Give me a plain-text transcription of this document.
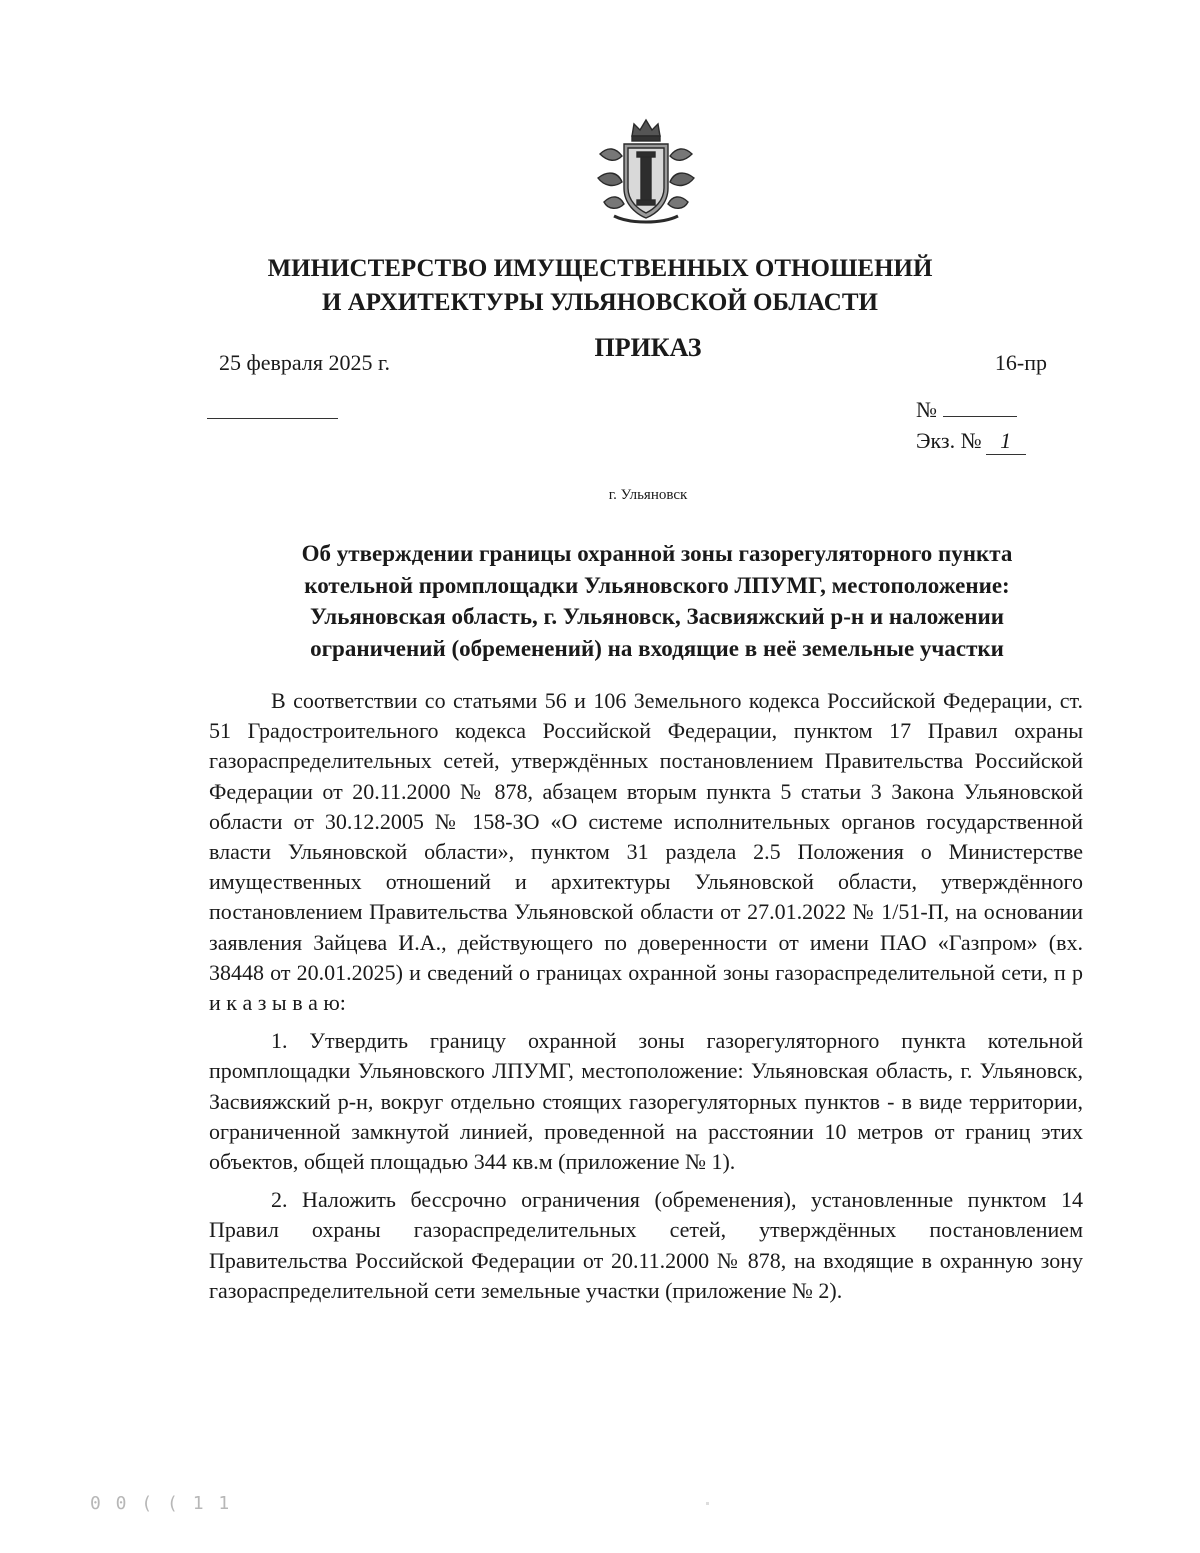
МИНИСТЕРСТВО ИМУЩЕСТВЕННЫХ ОТНОШЕНИЙ
И АРХИТЕКТУРЫ УЛЬЯНОВСКОЙ ОБЛАСТИ
ПРИКАЗ
25 февраля 2025 г.	16-пр
№
Экз. № 1
г. Ульяновск
Об утверждении границы охранной зоны газорегуляторного пункта
котельной промплощадки Ульяновского ЛПУМГ, местоположение:
Ульяновская область, г. Ульяновск, Засвияжский р-н и наложении
ограничений (обременений) на входящие в неё земельные участки

В соответствии со статьями 56 и 106 Земельного кодекса Российской Федерации, ст. 51 Градостроительного кодекса Российской Федерации, пунктом 17 Правил охраны газораспределительных сетей, утверждённых постановлением Правительства Российской Федерации от 20.11.2000 № 878, абзацем вторым пункта 5 статьи 3 Закона Ульяновской области от 30.12.2005 № 158-ЗО «О системе исполнительных органов государственной власти Ульяновской области», пунктом 31 раздела 2.5 Положения о Министерстве имущественных отношений и архитектуры Ульяновской области, утверждённого постановлением Правительства Ульяновской области от 27.01.2022 № 1/51-П, на основании заявления Зайцева И.А., действующего по доверенности от имени ПАО «Газпром» (вх. 38448 от 20.01.2025) и сведений о границах охранной зоны газораспределительной сети, п р и к а з ы в а ю:

1. Утвердить границу охранной зоны газорегуляторного пункта котельной промплощадки Ульяновского ЛПУМГ, местоположение: Ульяновская область, г. Ульяновск, Засвияжский р-н, вокруг отдельно стоящих газорегуляторных пунктов - в виде территории, ограниченной замкнутой линией, проведенной на расстоянии 10 метров от границ этих объектов, общей площадью 344 кв.м (приложение № 1).

2. Наложить бессрочно ограничения (обременения), установленные пунктом 14 Правил охраны газораспределительных сетей, утверждённых постановлением Правительства Российской Федерации от 20.11.2000 № 878, на входящие в охранную зону газораспределительной сети земельные участки (приложение № 2).

0 0 ( ( 1 1
